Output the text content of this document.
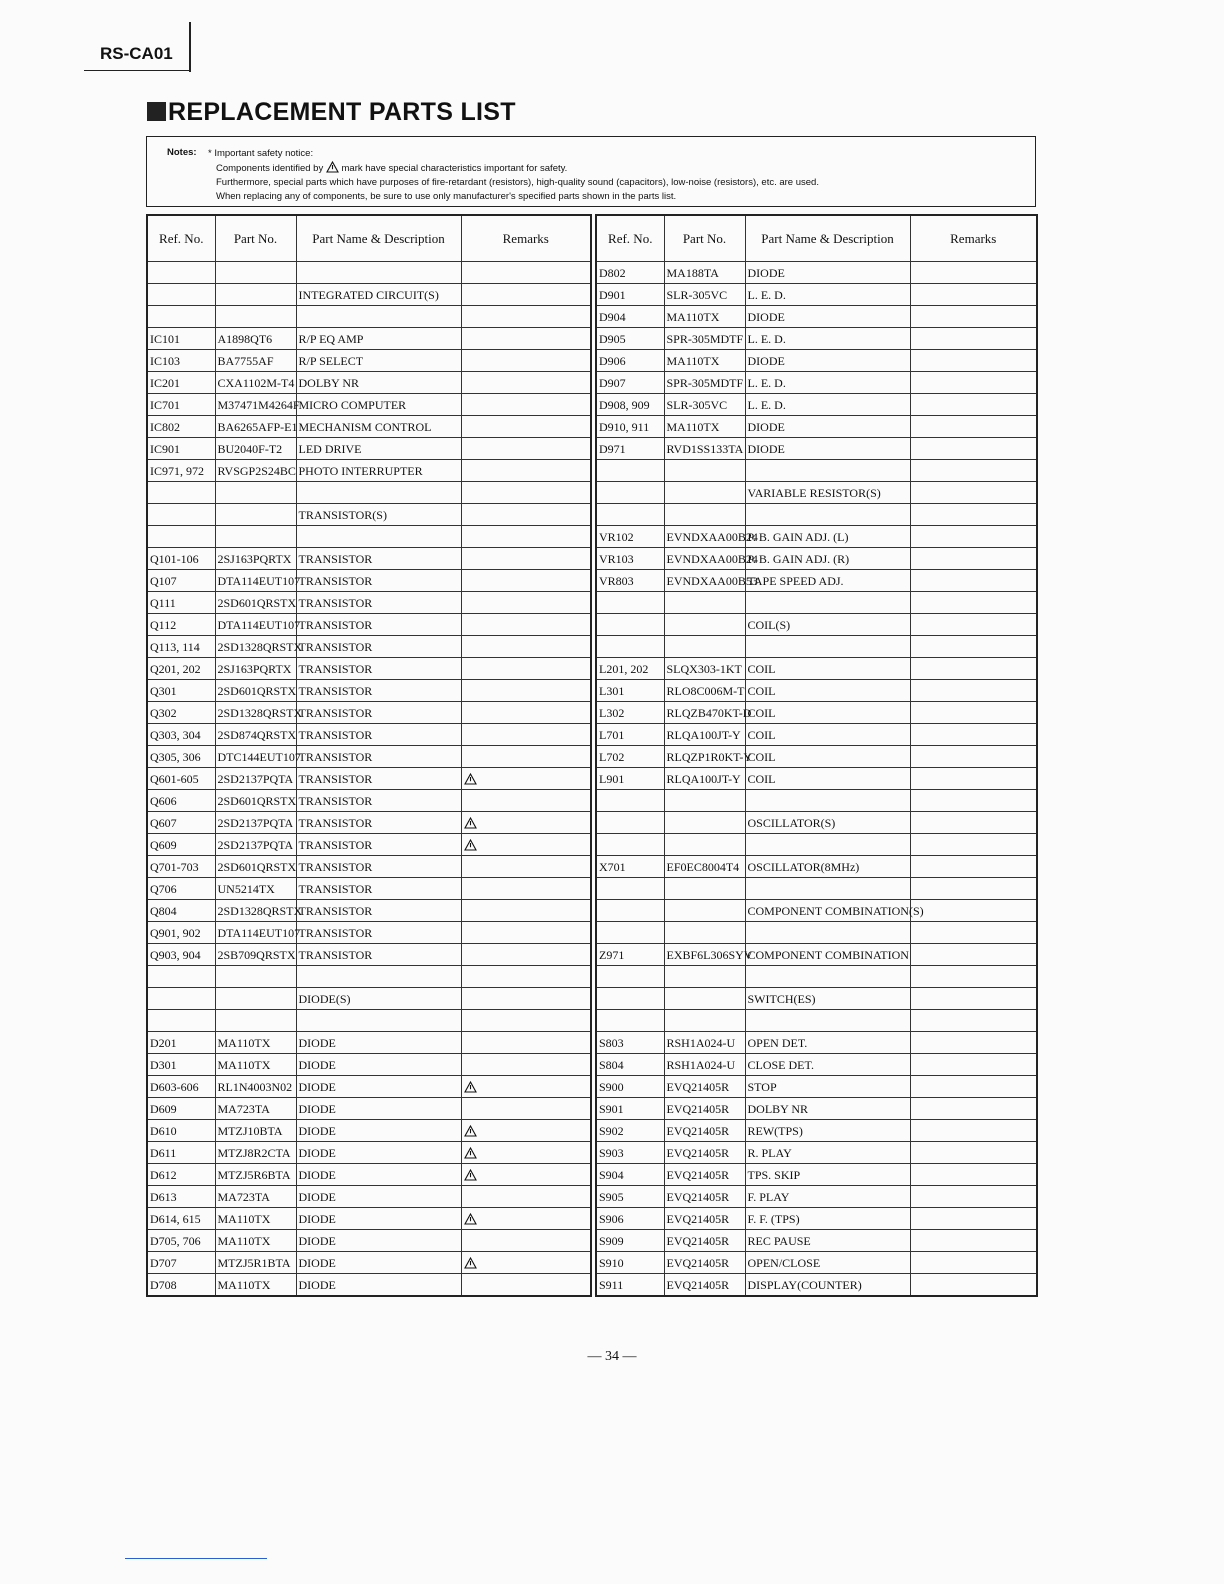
RS-CA01
REPLACEMENT PARTS LIST
Notes: * Important safety notice:
Components identified by mark have special characteristics important for safety.
Furthermore, special parts which have purposes of fire-retardant (resistors), high-quality sound (capacitors), low-noise (resistors), etc. are used.
When replacing any of components, be sure to use only manufacturer's specified parts shown in the parts list.
Ref. No.	Part No.	Part Name & Description	Remarks

		INTEGRATED CIRCUIT(S)	

IC101	A1898QT6	R/P EQ AMP	
IC103	BA7755AF	R/P SELECT	
IC201	CXA1102M-T4	DOLBY NR	
IC701	M37471M4264F	MICRO COMPUTER	
IC802	BA6265AFP-E1	MECHANISM CONTROL	
IC901	BU2040F-T2	LED DRIVE	
IC971, 972	RVSGP2S24BC	PHOTO INTERRUPTER	

		TRANSISTOR(S)	

Q101-106	2SJ163PQRTX	TRANSISTOR	
Q107	DTA114EUT107	TRANSISTOR	
Q111	2SD601QRSTX	TRANSISTOR	
Q112	DTA114EUT107	TRANSISTOR	
Q113, 114	2SD1328QRSTX	TRANSISTOR	
Q201, 202	2SJ163PQRTX	TRANSISTOR	
Q301	2SD601QRSTX	TRANSISTOR	
Q302	2SD1328QRSTX	TRANSISTOR	
Q303, 304	2SD874QRSTX	TRANSISTOR	
Q305, 306	DTC144EUT107	TRANSISTOR	
Q601-605	2SD2137PQTA	TRANSISTOR	
Q606	2SD601QRSTX	TRANSISTOR	
Q607	2SD2137PQTA	TRANSISTOR	
Q609	2SD2137PQTA	TRANSISTOR	
Q701-703	2SD601QRSTX	TRANSISTOR	
Q706	UN5214TX	TRANSISTOR	
Q804	2SD1328QRSTX	TRANSISTOR	
Q901, 902	DTA114EUT107	TRANSISTOR	
Q903, 904	2SB709QRSTX	TRANSISTOR	

		DIODE(S)	

D201	MA110TX	DIODE	
D301	MA110TX	DIODE	
D603-606	RL1N4003N02	DIODE	
D609	MA723TA	DIODE	
D610	MTZJ10BTA	DIODE	
D611	MTZJ8R2CTA	DIODE	
D612	MTZJ5R6BTA	DIODE	
D613	MA723TA	DIODE	
D614, 615	MA110TX	DIODE	
D705, 706	MA110TX	DIODE	
D707	MTZJ5R1BTA	DIODE	
D708	MA110TX	DIODE	
Ref. No.	Part No.	Part Name & Description	Remarks
D802	MA188TA	DIODE	
D901	SLR-305VC	L. E. D.	
D904	MA110TX	DIODE	
D905	SPR-305MDTF	L. E. D.	
D906	MA110TX	DIODE	
D907	SPR-305MDTF	L. E. D.	
D908, 909	SLR-305VC	L. E. D.	
D910, 911	MA110TX	DIODE	
D971	RVD1SS133TA	DIODE	

		VARIABLE RESISTOR(S)	

VR102	EVNDXAA00B24	P. B. GAIN ADJ. (L)	
VR103	EVNDXAA00B24	P. B. GAIN ADJ. (R)	
VR803	EVNDXAA00B53	TAPE SPEED ADJ.	

		COIL(S)	

L201, 202	SLQX303-1KT	COIL	
L301	RLO8C006M-T	COIL	
L302	RLQZB470KT-D	COIL	
L701	RLQA100JT-Y	COIL	
L702	RLQZP1R0KT-Y	COIL	
L901	RLQA100JT-Y	COIL	

		OSCILLATOR(S)	

X701	EF0EC8004T4	OSCILLATOR(8MHz)	

		COMPONENT COMBINATION(S)	

Z971	EXBF6L306SYV	COMPONENT COMBINATION	

		SWITCH(ES)	

S803	RSH1A024-U	OPEN DET.	
S804	RSH1A024-U	CLOSE DET.	
S900	EVQ21405R	STOP	
S901	EVQ21405R	DOLBY NR	
S902	EVQ21405R	REW(TPS)	
S903	EVQ21405R	R. PLAY	
S904	EVQ21405R	TPS. SKIP	
S905	EVQ21405R	F. PLAY	
S906	EVQ21405R	F. F. (TPS)	
S909	EVQ21405R	REC PAUSE	
S910	EVQ21405R	OPEN/CLOSE	
S911	EVQ21405R	DISPLAY(COUNTER)	
— 34 —
